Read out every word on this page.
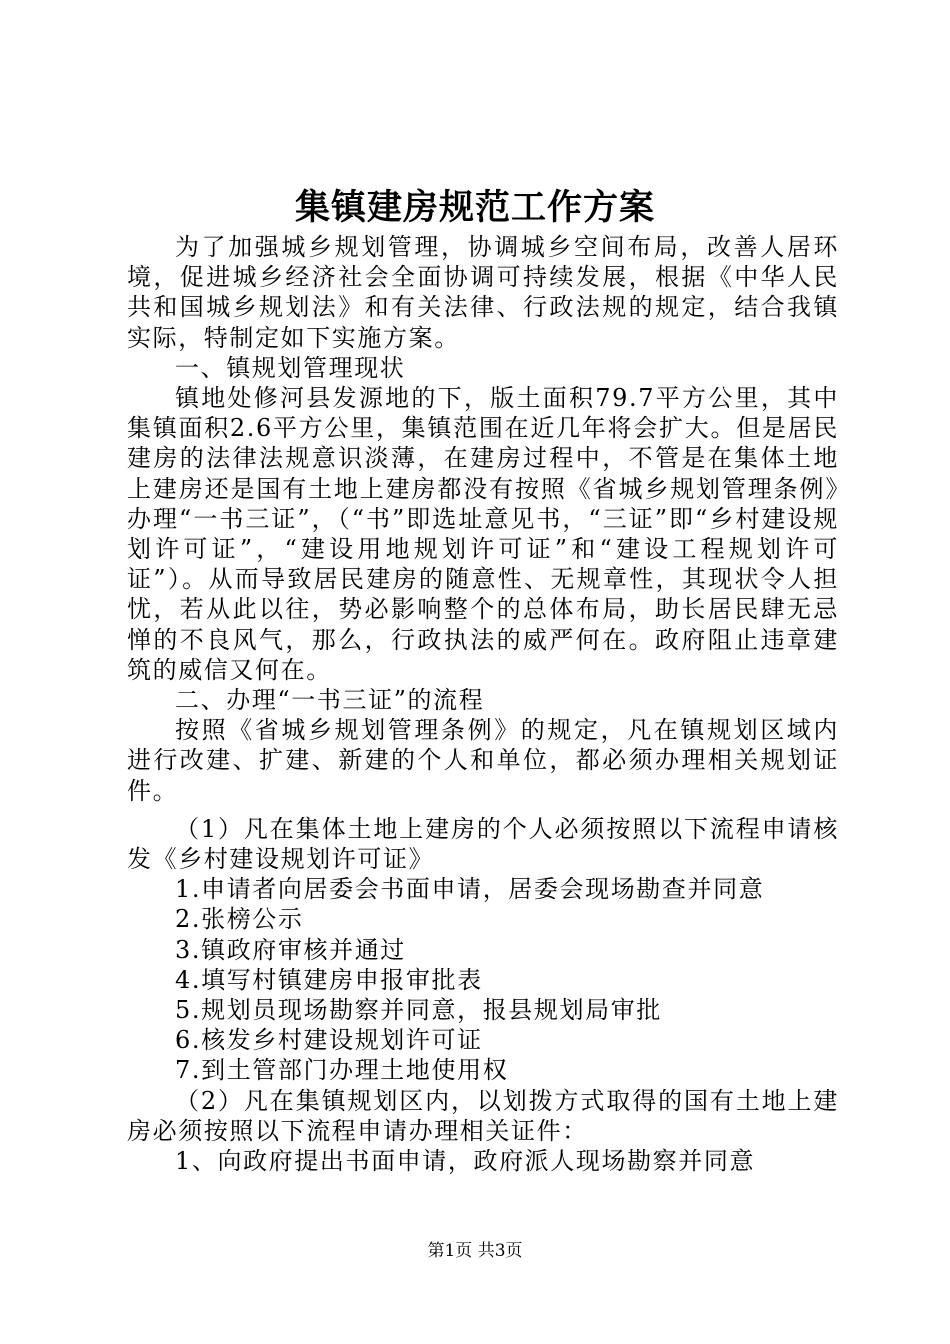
集镇建房规范工作方案

为了加强城乡规划管理，协调城乡空间布局，改善人居环境，促进城乡经济社会全面协调可持续发展，根据《中华人民共和国城乡规划法》和有关法律、行政法规的规定，结合我镇实际，特制定如下实施方案。

一、镇规划管理现状

镇地处修河县发源地的下，版土面积79.7平方公里，其中集镇面积2.6平方公里，集镇范围在近几年将会扩大。但是居民建房的法律法规意识淡薄，在建房过程中，不管是在集体土地上建房还是国有土地上建房都没有按照《省城乡规划管理条例》办理“一书三证”，（“书”即选址意见书，“三证”即“乡村建设规划许可证”，“建设用地规划许可证”和“建设工程规划许可证”）。从而导致居民建房的随意性、无规章性，其现状令人担忧，若从此以往，势必影响整个的总体布局，助长居民肆无忌惮的不良风气，那么，行政执法的威严何在。政府阻止违章建筑的威信又何在。

二、办理“一书三证”的流程

按照《省城乡规划管理条例》的规定，凡在镇规划区域内进行改建、扩建、新建的个人和单位，都必须办理相关规划证件。

（1）凡在集体土地上建房的个人必须按照以下流程申请核发《乡村建设规划许可证》

1.申请者向居委会书面申请，居委会现场勘查并同意

2.张榜公示

3.镇政府审核并通过

4.填写村镇建房申报审批表

5.规划员现场勘察并同意，报县规划局审批

6.核发乡村建设规划许可证

7.到土管部门办理土地使用权

（2）凡在集镇规划区内，以划拨方式取得的国有土地上建房必须按照以下流程申请办理相关证件：

1、向政府提出书面申请，政府派人现场勘察并同意

第1页 共3页
